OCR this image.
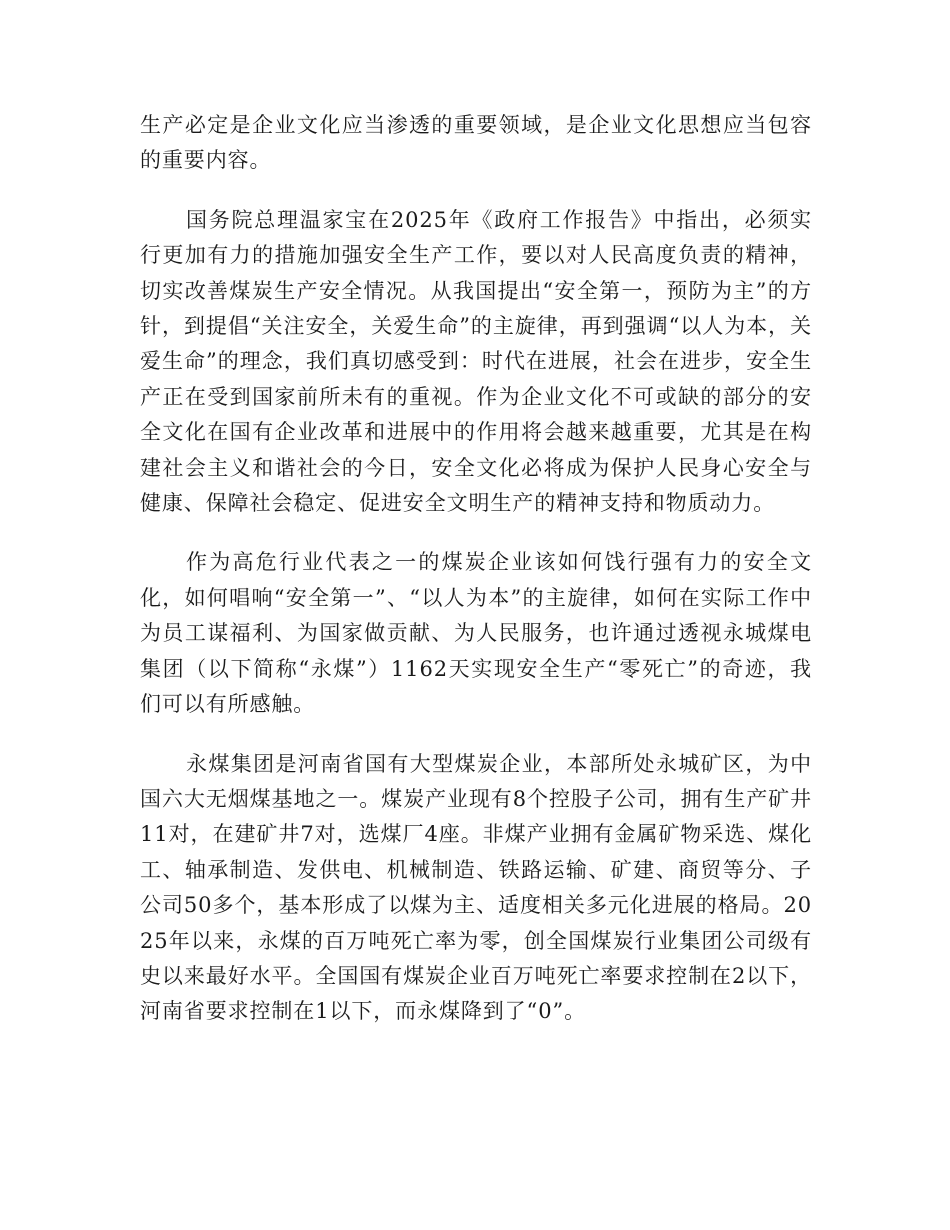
生产必定是企业文化应当渗透的重要领域，是企业文化思想应当包容的重要内容。

国务院总理温家宝在2025年《政府工作报告》中指出，必须实行更加有力的措施加强安全生产工作，要以对人民高度负责的精神，切实改善煤炭生产安全情况。从我国提出“安全第一，预防为主”的方针，到提倡“关注安全，关爱生命”的主旋律，再到强调“以人为本，关爱生命”的理念，我们真切感受到：时代在进展，社会在进步，安全生产正在受到国家前所未有的重视。作为企业文化不可或缺的部分的安全文化在国有企业改革和进展中的作用将会越来越重要，尤其是在构建社会主义和谐社会的今日，安全文化必将成为保护人民身心安全与健康、保障社会稳定、促进安全文明生产的精神支持和物质动力。

作为高危行业代表之一的煤炭企业该如何饯行强有力的安全文化，如何唱响“安全第一”、“以人为本”的主旋律，如何在实际工作中为员工谋福利、为国家做贡献、为人民服务，也许通过透视永城煤电集团（以下简称“永煤”）1162天实现安全生产“零死亡”的奇迹，我们可以有所感触。

永煤集团是河南省国有大型煤炭企业，本部所处永城矿区，为中国六大无烟煤基地之一。煤炭产业现有8个控股子公司，拥有生产矿井11对，在建矿井7对，选煤厂4座。非煤产业拥有金属矿物采选、煤化工、轴承制造、发供电、机械制造、铁路运输、矿建、商贸等分、子公司50多个，基本形成了以煤为主、适度相关多元化进展的格局。2025年以来，永煤的百万吨死亡率为零，创全国煤炭行业集团公司级有史以来最好水平。全国国有煤炭企业百万吨死亡率要求控制在2以下，河南省要求控制在1以下，而永煤降到了“0”。
